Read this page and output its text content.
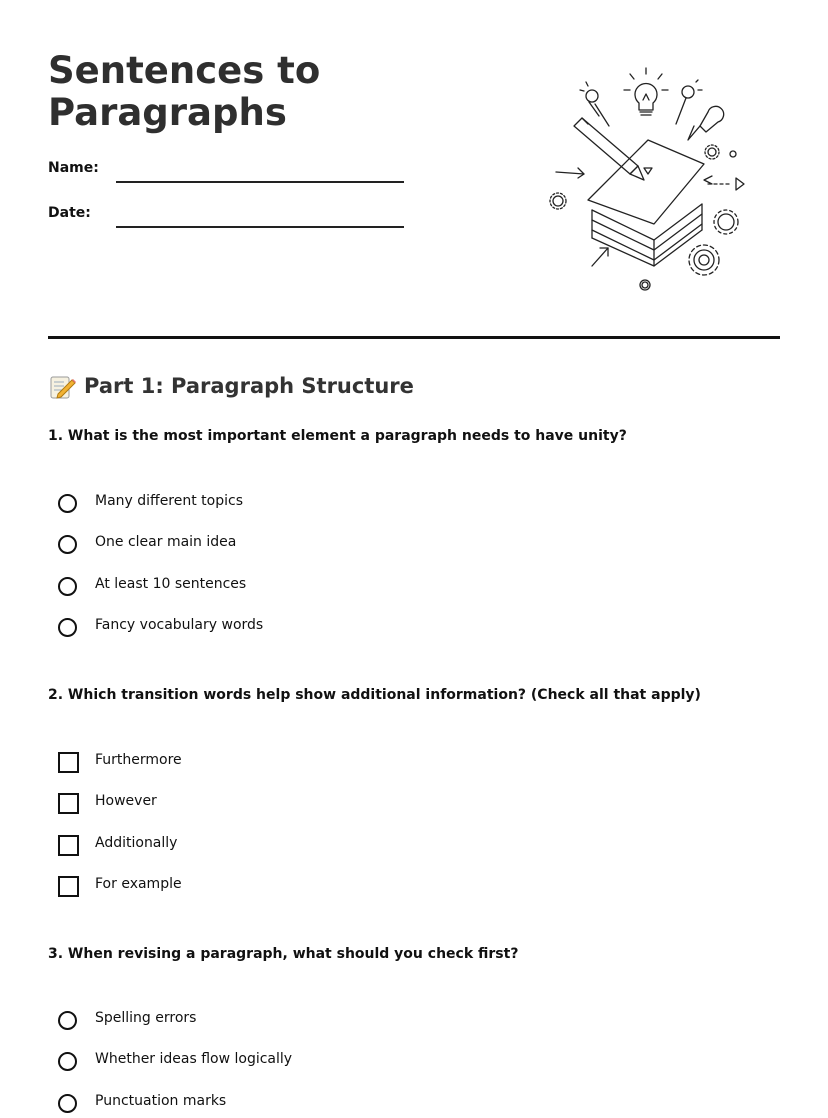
Sentences to
Paragraphs
Name:
Date:
Part 1: Paragraph Structure

1. What is the most important element a paragraph needs to have unity?

Many different topics
One clear main idea
At least 10 sentences
Fancy vocabulary words

2. Which transition words help show additional information? (Check all that apply)

Furthermore
However
Additionally
For example

3. When revising a paragraph, what should you check first?

Spelling errors
Whether ideas flow logically
Punctuation marks
